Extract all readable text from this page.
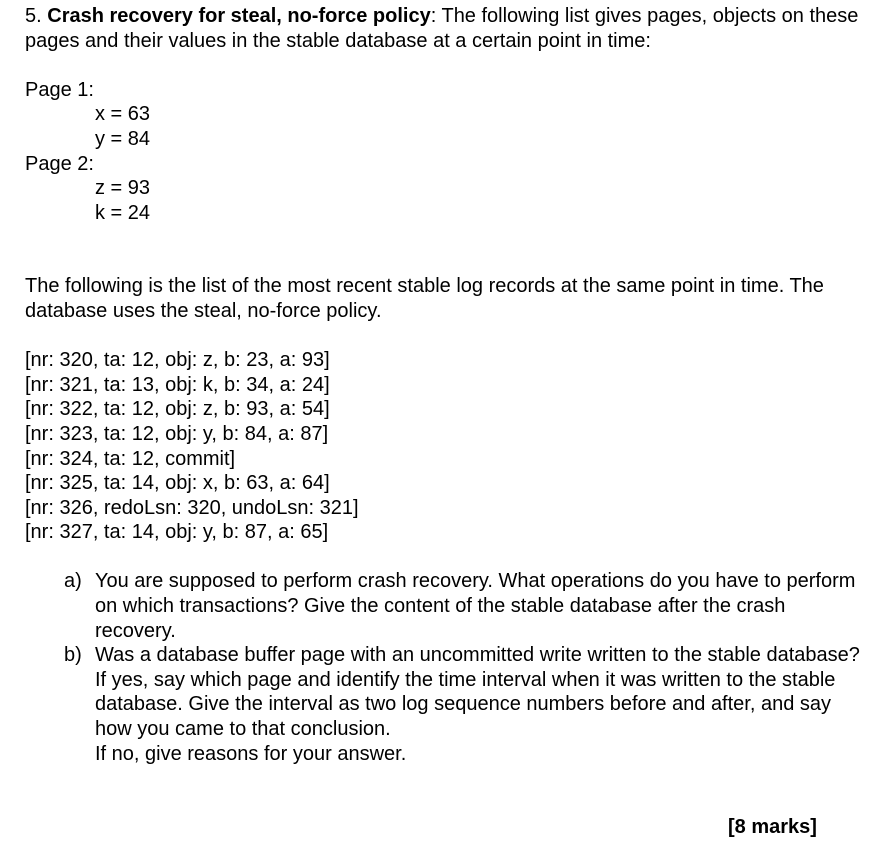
5. Crash recovery for steal, no-force policy: The following list gives pages, objects on these pages and their values in the stable database at a certain point in time:

Page 1:

x = 63

y = 84

Page 2:

z = 93

k = 24

The following is the list of the most recent stable log records at the same point in time. The database uses the steal, no-force policy.

[nr: 320, ta: 12, obj: z, b: 23, a: 93]
[nr: 321, ta: 13, obj: k, b: 34, a: 24]
[nr: 322, ta: 12, obj: z, b: 93, a: 54]
[nr: 323, ta: 12, obj: y, b: 84, a: 87]
[nr: 324, ta: 12, commit]
[nr: 325, ta: 14, obj: x, b: 63, a: 64]
[nr: 326, redoLsn: 320, undoLsn: 321]
[nr: 327, ta: 14, obj: y, b: 87, a: 65]
a) You are supposed to perform crash recovery. What operations do you have to perform on which transactions? Give the content of the stable database after the crash recovery.

b) Was a database buffer page with an uncommitted write written to the stable database?

If yes, say which page and identify the time interval when it was written to the stable database. Give the interval as two log sequence numbers before and after, and say how you came to that conclusion.

If no, give reasons for your answer.

[8 marks]
